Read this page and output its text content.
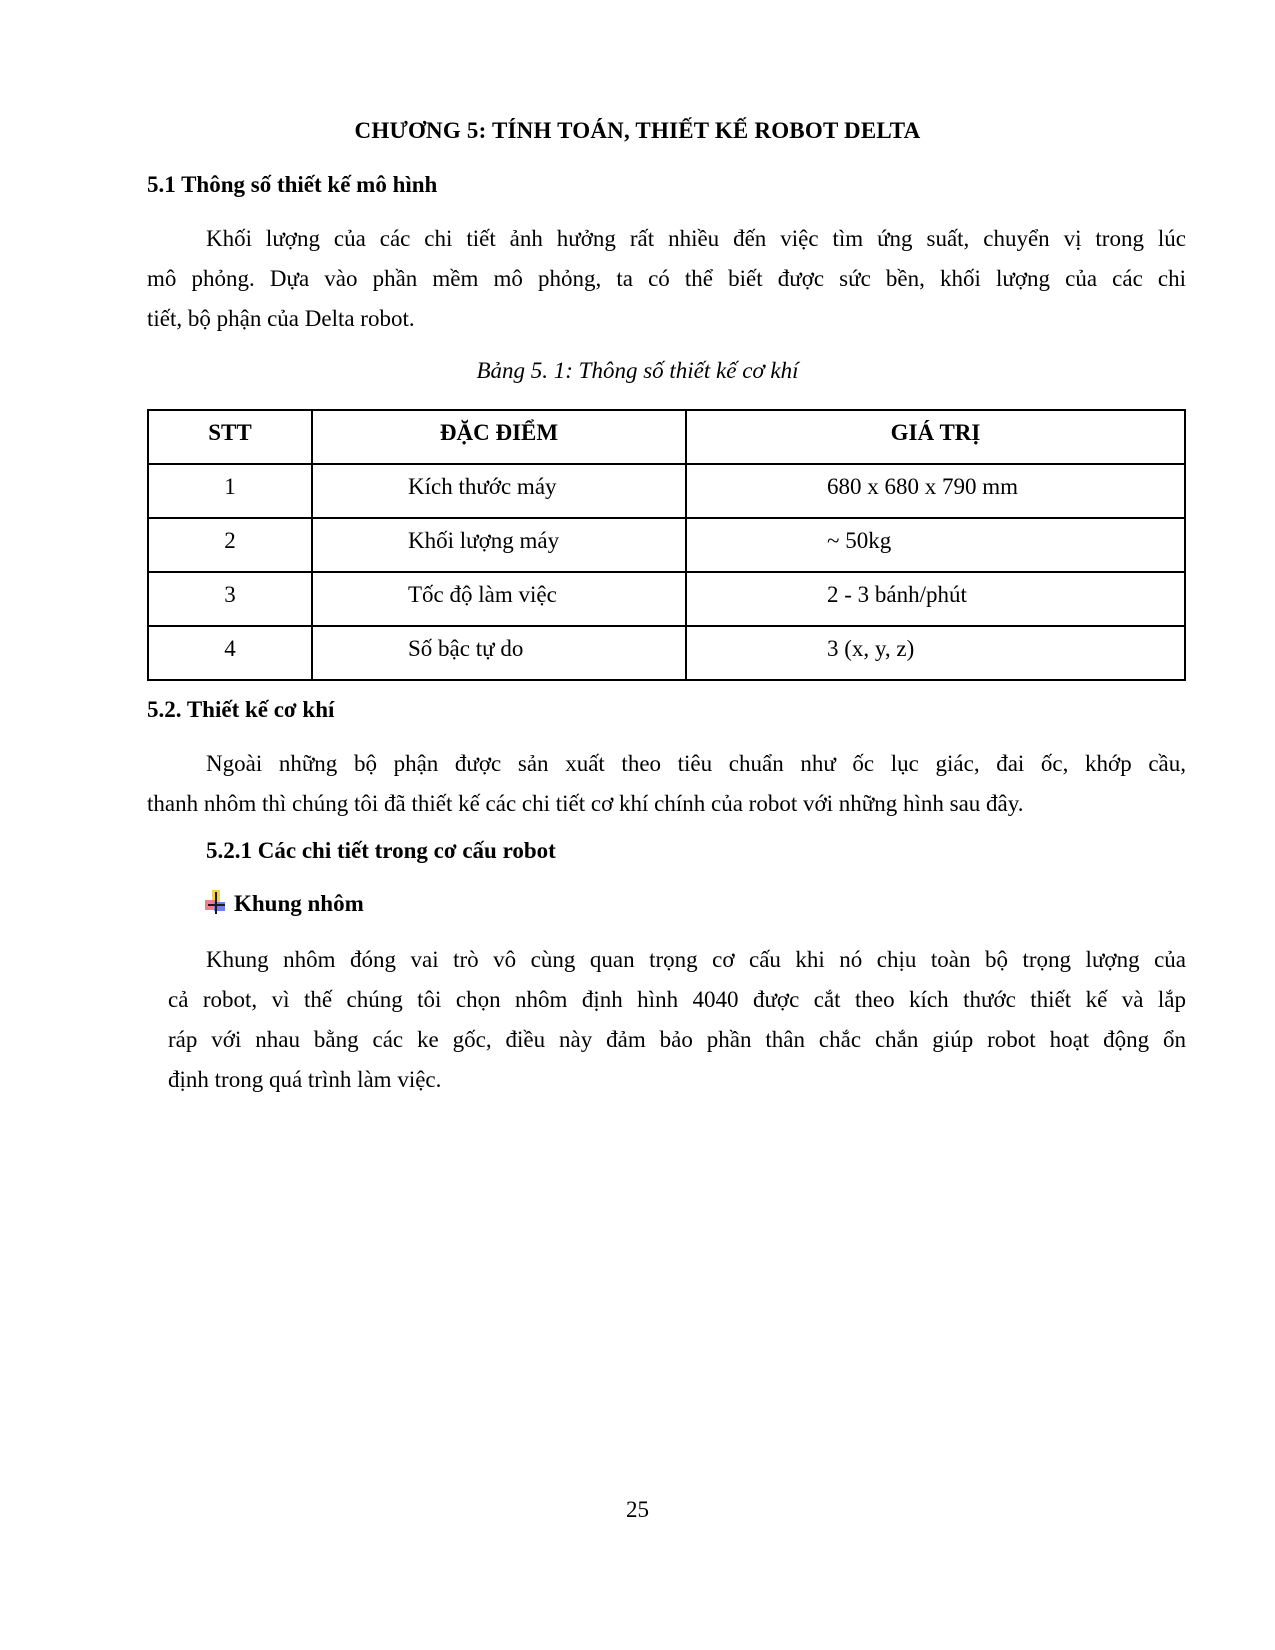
CHƯƠNG 5: TÍNH TOÁN, THIẾT KẾ ROBOT DELTA
5.1 Thông số thiết kế mô hình
Khối lượng của các chi tiết ảnh hưởng rất nhiều đến việc tìm ứng suất, chuyển vị trong lúc
mô phỏng. Dựa vào phần mềm mô phỏng, ta có thể biết được sức bền, khối lượng của các chi
tiết, bộ phận của Delta robot.
Bảng 5. 1: Thông số thiết kế cơ khí
STT	ĐẶC ĐIỂM	GIÁ TRỊ
1	Kích thước máy	680 x 680 x 790 mm
2	Khối lượng máy	~ 50kg
3	Tốc độ làm việc	2 - 3 bánh/phút
4	Số bậc tự do	3 (x, y, z)
5.2. Thiết kế cơ khí
Ngoài những bộ phận được sản xuất theo tiêu chuẩn như ốc lục giác, đai ốc, khớp cầu,
thanh nhôm thì chúng tôi đã thiết kế các chi tiết cơ khí chính của robot với những hình sau đây.
5.2.1 Các chi tiết trong cơ cấu robot
Khung nhôm
Khung nhôm đóng vai trò vô cùng quan trọng cơ cấu khi nó chịu toàn bộ trọng lượng của
cả robot, vì thế chúng tôi chọn nhôm định hình 4040 được cắt theo kích thước thiết kế và lắp
ráp với nhau bằng các ke gốc, điều này đảm bảo phần thân chắc chắn giúp robot hoạt động ổn
định trong quá trình làm việc.
25
